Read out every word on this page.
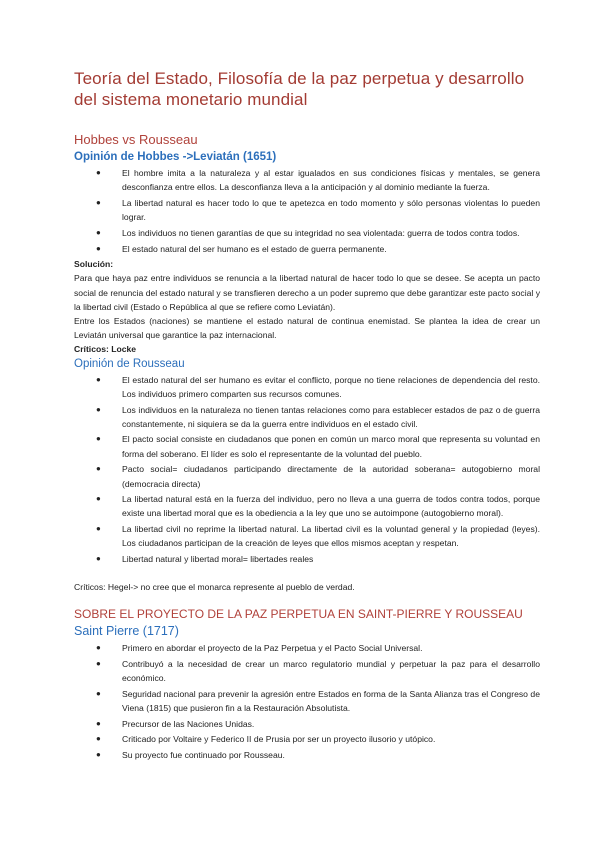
Teoría del Estado, Filosofía de la paz perpetua y desarrollo del sistema monetario mundial
Hobbes vs Rousseau
Opinión de Hobbes ->Leviatán (1651)
● El hombre imita a la naturaleza y al estar igualados en sus condiciones físicas y mentales, se genera desconfianza entre ellos. La desconfianza lleva a la anticipación y al dominio mediante la fuerza.
● La libertad natural es hacer todo lo que te apetezca en todo momento y sólo personas violentas lo pueden lograr.
● Los individuos no tienen garantías de que su integridad no sea violentada: guerra de todos contra todos.
● El estado natural del ser humano es el estado de guerra permanente.

Solución:

Para que haya paz entre individuos se renuncia a la libertad natural de hacer todo lo que se desee. Se acepta un pacto social de renuncia del estado natural y se transfieren derecho a un poder supremo que debe garantizar este pacto social y la libertad civil (Estado o República al que se refiere como Leviatán).

Entre los Estados (naciones) se mantiene el estado natural de continua enemistad. Se plantea la idea de crear un Leviatán universal que garantice la paz internacional.

Críticos: Locke

Opinión de Rousseau
● El estado natural del ser humano es evitar el conflicto, porque no tiene relaciones de dependencia del resto. Los individuos primero comparten sus recursos comunes.
● Los individuos en la naturaleza no tienen tantas relaciones como para establecer estados de paz o de guerra constantemente, ni siquiera se da la guerra entre individuos en el estado civil.
● El pacto social consiste en ciudadanos que ponen en común un marco moral que representa su voluntad en forma del soberano. El líder es solo el representante de la voluntad del pueblo.
● Pacto social= ciudadanos participando directamente de la autoridad soberana= autogobierno moral (democracia directa)
● La libertad natural está en la fuerza del individuo, pero no lleva a una guerra de todos contra todos, porque existe una libertad moral que es la obediencia a la ley que uno se autoimpone (autogobierno moral).
● La libertad civil no reprime la libertad natural. La libertad civil es la voluntad general y la propiedad (leyes). Los ciudadanos participan de la creación de leyes que ellos mismos aceptan y respetan.
● Libertad natural y libertad moral= libertades reales

Críticos: Hegel-> no cree que el monarca represente al pueblo de verdad.

SOBRE EL PROYECTO DE LA PAZ PERPETUA EN SAINT-PIERRE Y ROUSSEAU
Saint Pierre (1717)
● Primero en abordar el proyecto de la Paz Perpetua y el Pacto Social Universal.
● Contribuyó a la necesidad de crear un marco regulatorio mundial y perpetuar la paz para el desarrollo económico.
● Seguridad nacional para prevenir la agresión entre Estados en forma de la Santa Alianza tras el Congreso de Viena (1815) que pusieron fin a la Restauración Absolutista.
● Precursor de las Naciones Unidas.
● Criticado por Voltaire y Federico II de Prusia por ser un proyecto ilusorio y utópico.
● Su proyecto fue continuado por Rousseau.
